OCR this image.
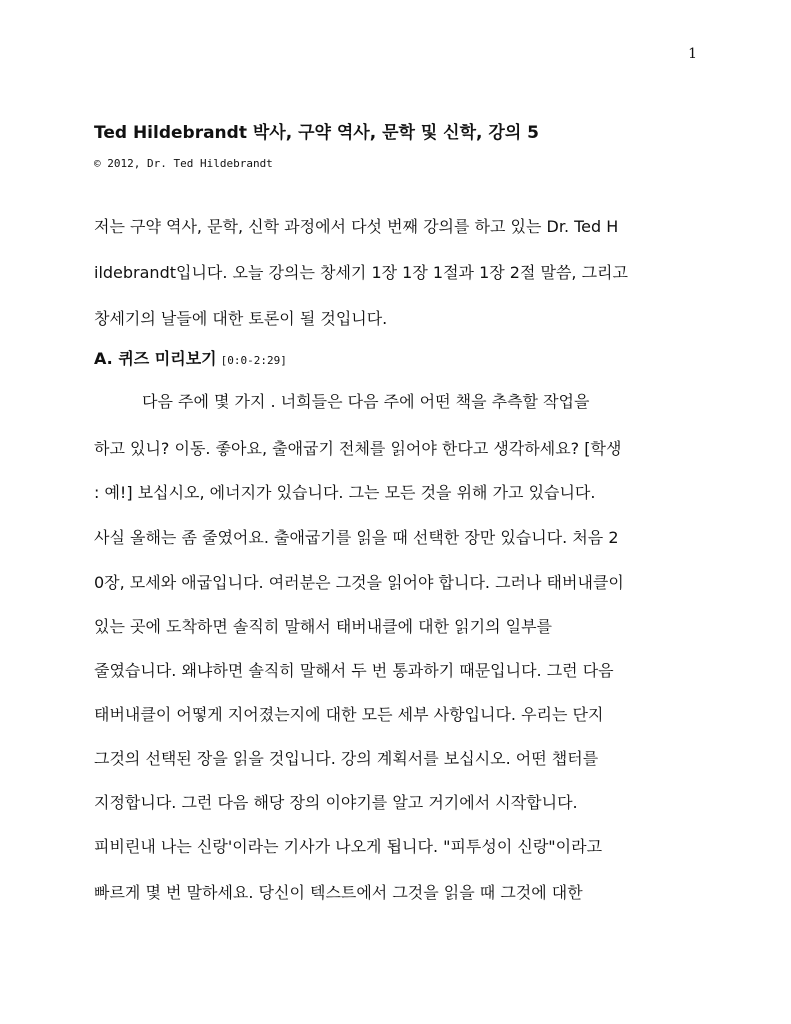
1
Ted Hildebrandt 박사, 구약 역사, 문학 및 신학, 강의 5
© 2012, Dr. Ted Hildebrandt
저는 구약 역사, 문학, 신학 과정에서 다섯 번째 강의를 하고 있는 Dr. Ted H
ildebrandt입니다. 오늘 강의는 창세기 1장 1장 1절과 1장 2절 말씀, 그리고
창세기의 날들에 대한 토론이 될 것입니다.
A. 퀴즈 미리보기 [0:0-2:29]
다음 주에 몇 가지 . 너희들은 다음 주에 어떤 책을 추측할 작업을
하고 있니? 이동. 좋아요, 출애굽기 전체를 읽어야 한다고 생각하세요? [학생
: 예!] 보십시오, 에너지가 있습니다. 그는 모든 것을 위해 가고 있습니다.
사실 올해는 좀 줄였어요. 출애굽기를 읽을 때 선택한 장만 있습니다. 처음 2
0장, 모세와 애굽입니다. 여러분은 그것을 읽어야 합니다. 그러나 태버내클이
있는 곳에 도착하면 솔직히 말해서 태버내클에 대한 읽기의 일부를
줄였습니다. 왜냐하면 솔직히 말해서 두 번 통과하기 때문입니다. 그런 다음
태버내클이 어떻게 지어졌는지에 대한 모든 세부 사항입니다. 우리는 단지
그것의 선택된 장을 읽을 것입니다. 강의 계획서를 보십시오. 어떤 챕터를
지정합니다. 그런 다음 해당 장의 이야기를 알고 거기에서 시작합니다.
피비린내 나는 신랑'이라는 기사가 나오게 됩니다. "피투성이 신랑"이라고
빠르게 몇 번 말하세요. 당신이 텍스트에서 그것을 읽을 때 그것에 대한
